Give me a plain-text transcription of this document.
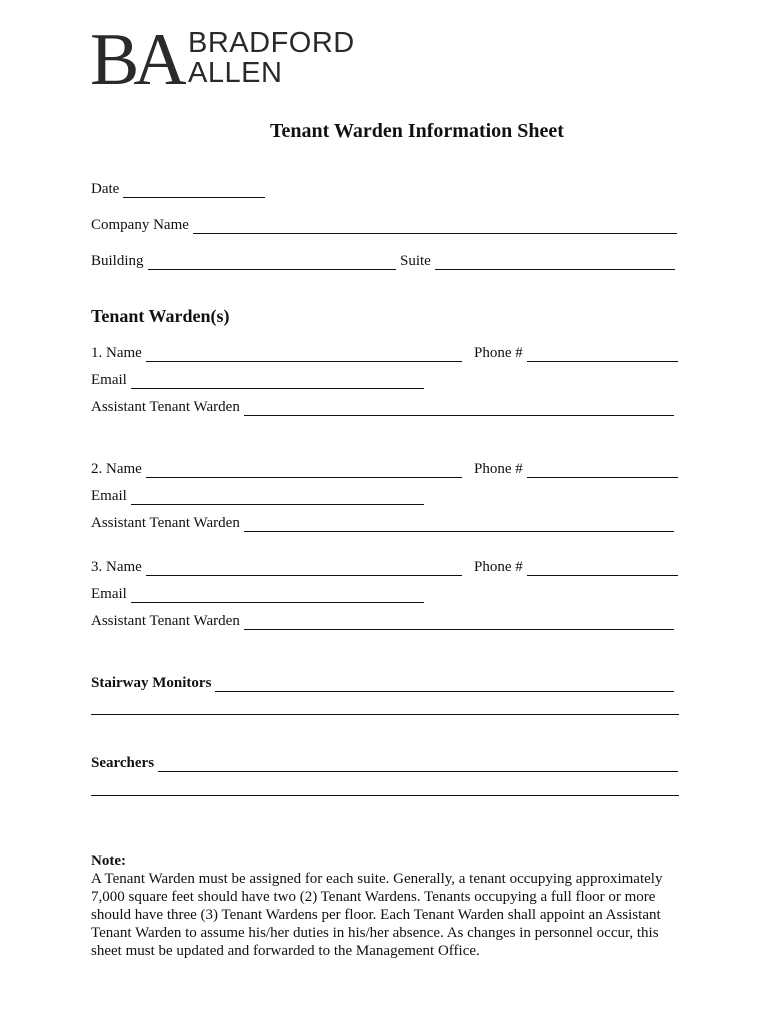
BA BRADFORD
ALLEN
Tenant Warden Information Sheet
Date
Company Name
Building	Suite
Tenant Warden(s)
1. Name	Phone #
Email
Assistant Tenant Warden
2. Name	Phone #
Email
Assistant Tenant Warden
3. Name	Phone #
Email
Assistant Tenant Warden
Stairway Monitors
Searchers
Note:
A Tenant Warden must be assigned for each suite. Generally, a tenant occupying approximately 7,000 square feet should have two (2) Tenant Wardens. Tenants occupying a full floor or more should have three (3) Tenant Wardens per floor. Each Tenant Warden shall appoint an Assistant Tenant Warden to assume his/her duties in his/her absence. As changes in personnel occur, this sheet must be updated and forwarded to the Management Office.
